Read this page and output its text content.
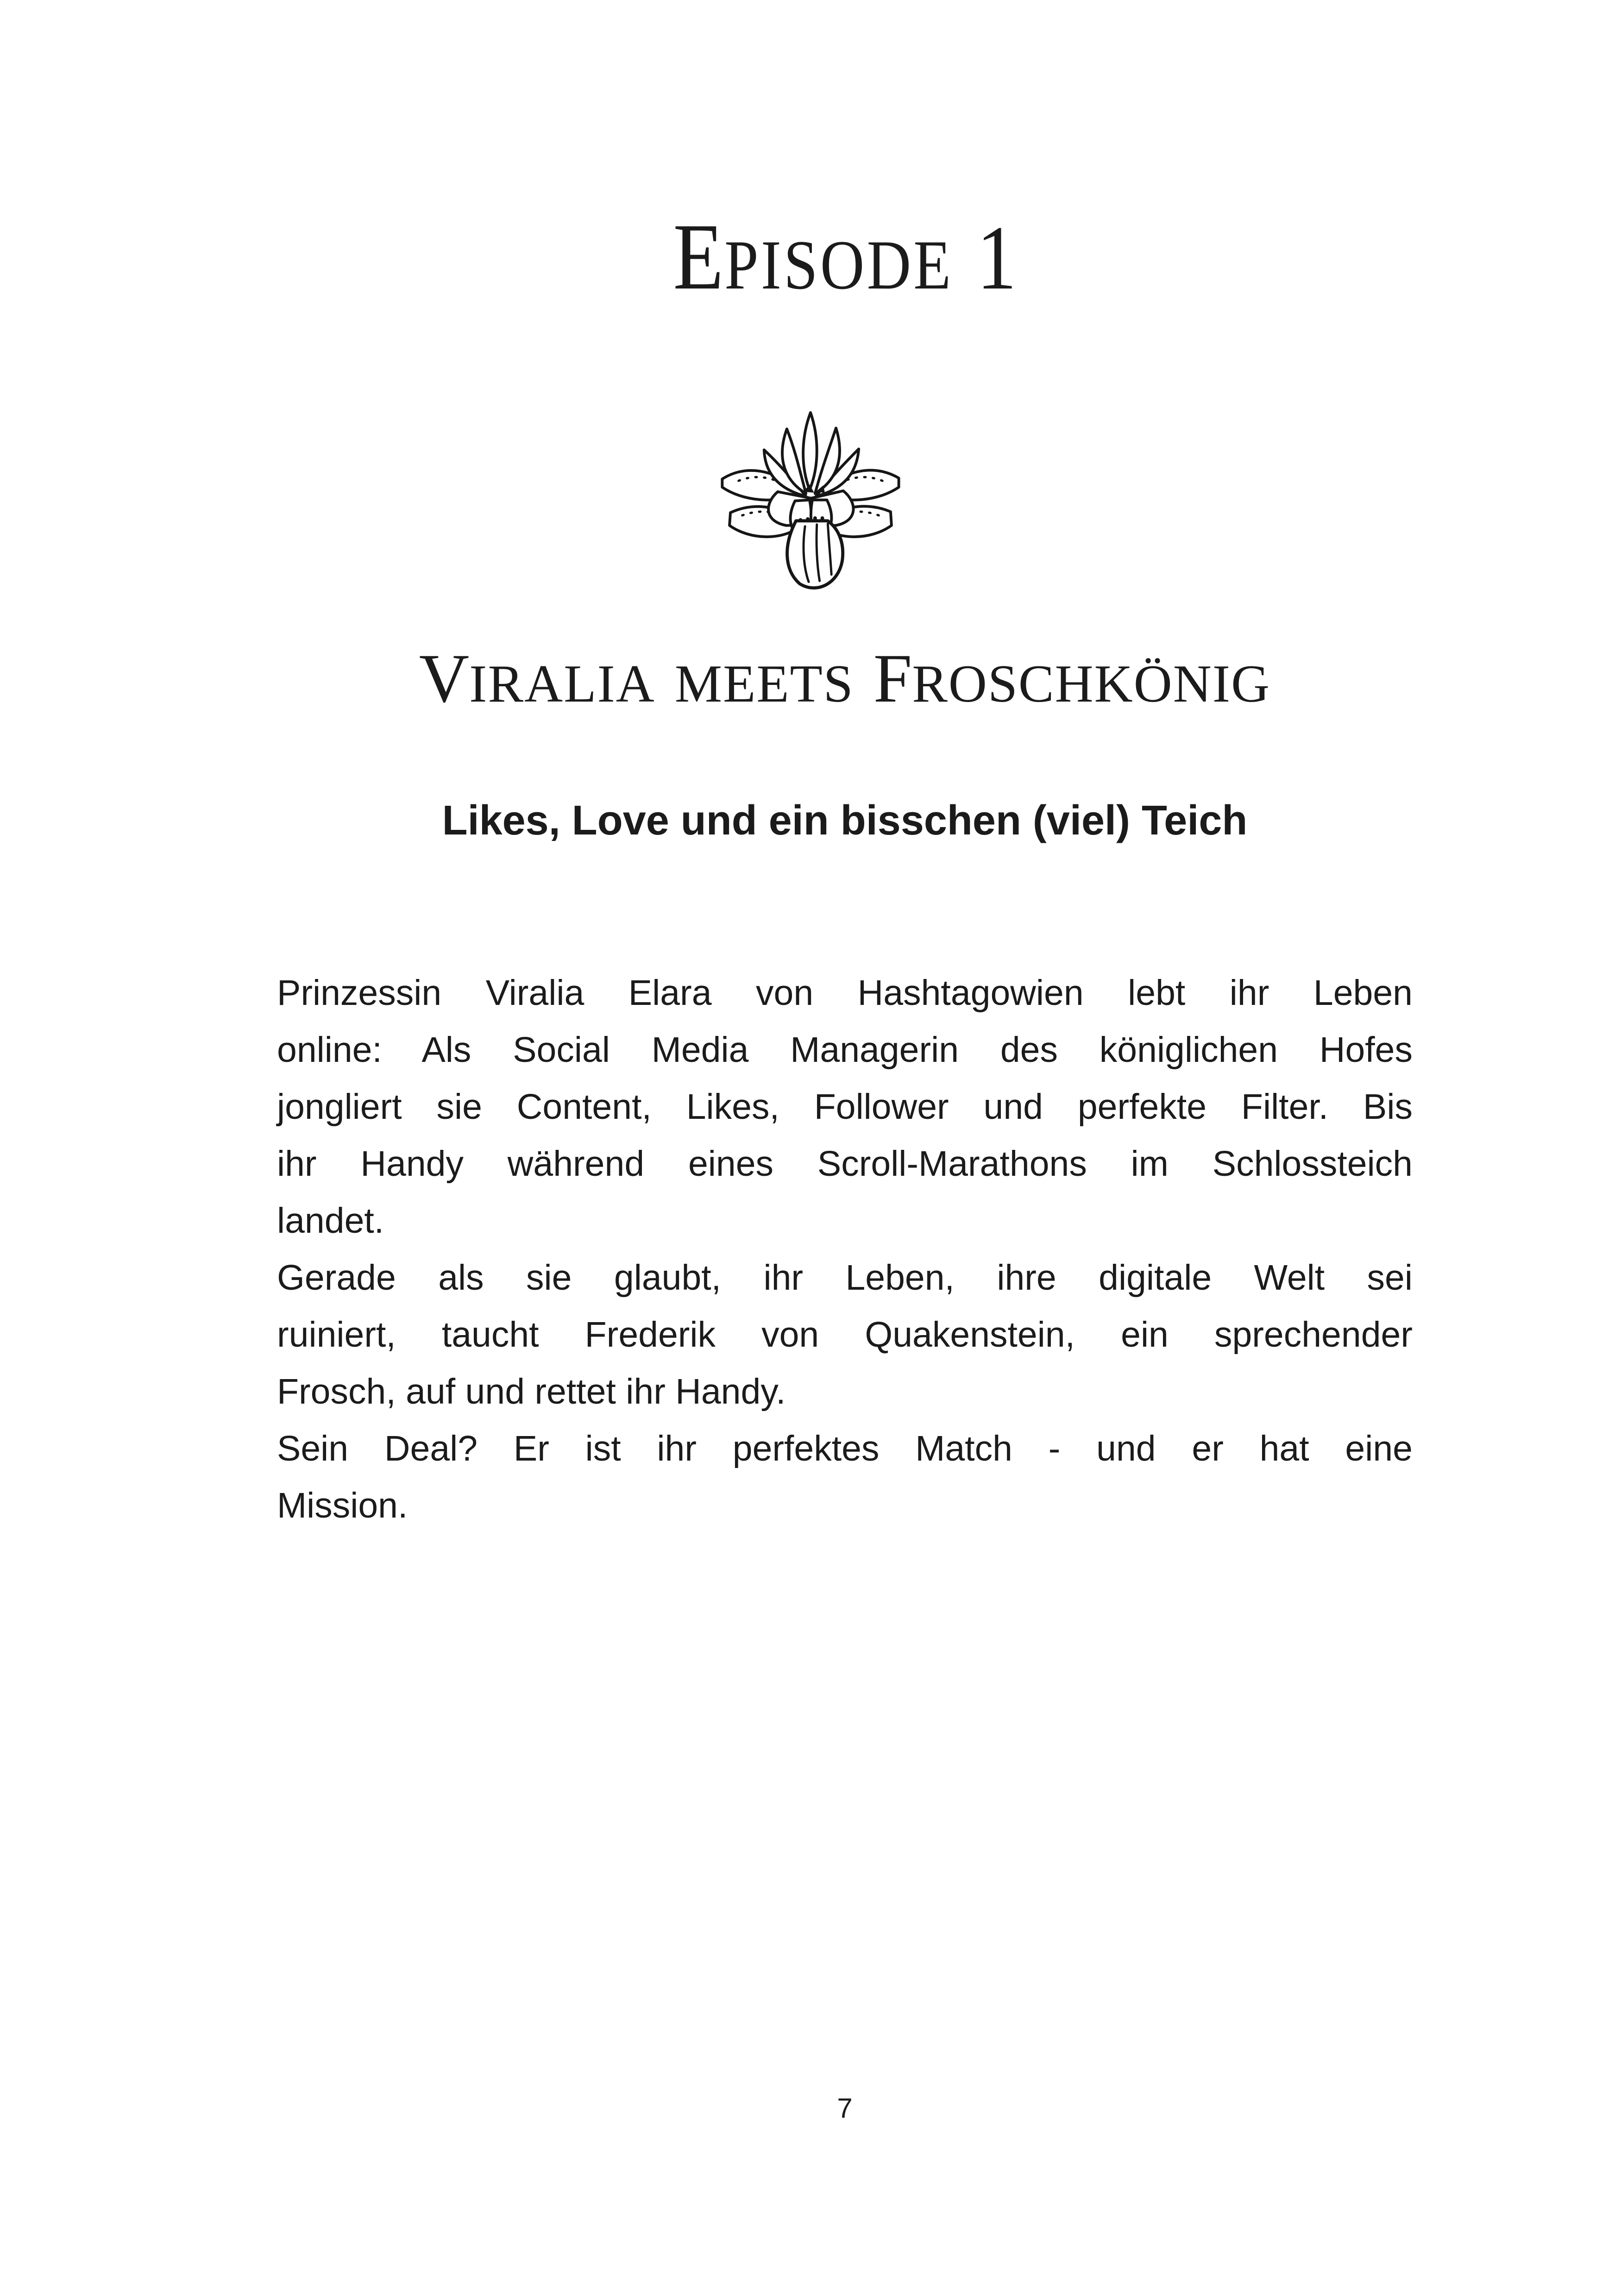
EPISODE 1
VIRALIA MEETS FROSCHKÖNIG
Likes, Love und ein bisschen (viel) Teich
Prinzessin Viralia Elara von Hashtagowien lebt ihr Leben
online: Als Social Media Managerin des königlichen Hofes
jongliert sie Content, Likes, Follower und perfekte Filter. Bis
ihr Handy während eines Scroll-Marathons im Schlossteich
landet.
Gerade als sie glaubt, ihr Leben, ihre digitale Welt sei
ruiniert, taucht Frederik von Quakenstein, ein sprechender
Frosch, auf und rettet ihr Handy.
Sein Deal? Er ist ihr perfektes Match - und er hat eine
Mission.
7
